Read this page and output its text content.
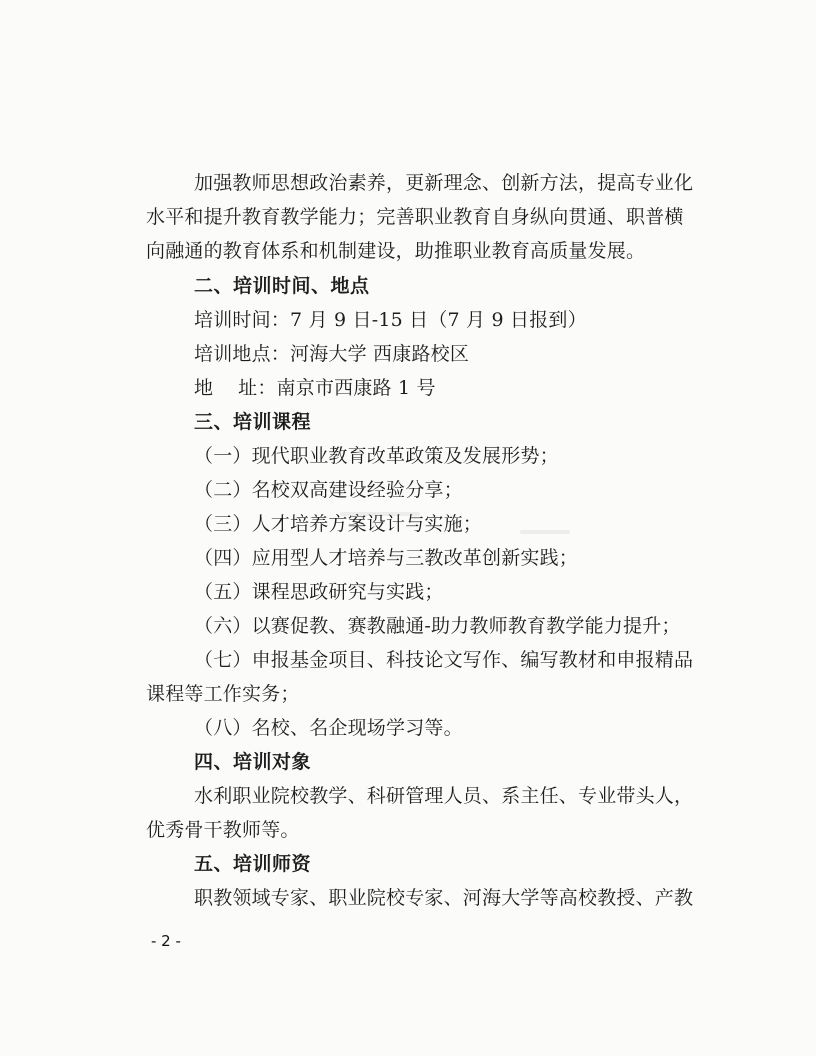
加强教师思想政治素养，更新理念、创新方法，提高专业化
水平和提升教育教学能力；完善职业教育自身纵向贯通、职普横
向融通的教育体系和机制建设，助推职业教育高质量发展。
二、培训时间、地点
培训时间：7 月 9 日-15 日（7 月 9 日报到）
培训地点：河海大学 西康路校区
地    址：南京市西康路 1 号
三、培训课程
（一）现代职业教育改革政策及发展形势；
（二）名校双高建设经验分享；
（三）人才培养方案设计与实施；
（四）应用型人才培养与三教改革创新实践；
（五）课程思政研究与实践；
（六）以赛促教、赛教融通-助力教师教育教学能力提升；
（七）申报基金项目、科技论文写作、编写教材和申报精品
课程等工作实务；
（八）名校、名企现场学习等。
四、培训对象
水利职业院校教学、科研管理人员、系主任、专业带头人，
优秀骨干教师等。
五、培训师资
职教领域专家、职业院校专家、河海大学等高校教授、产教
- 2 -
